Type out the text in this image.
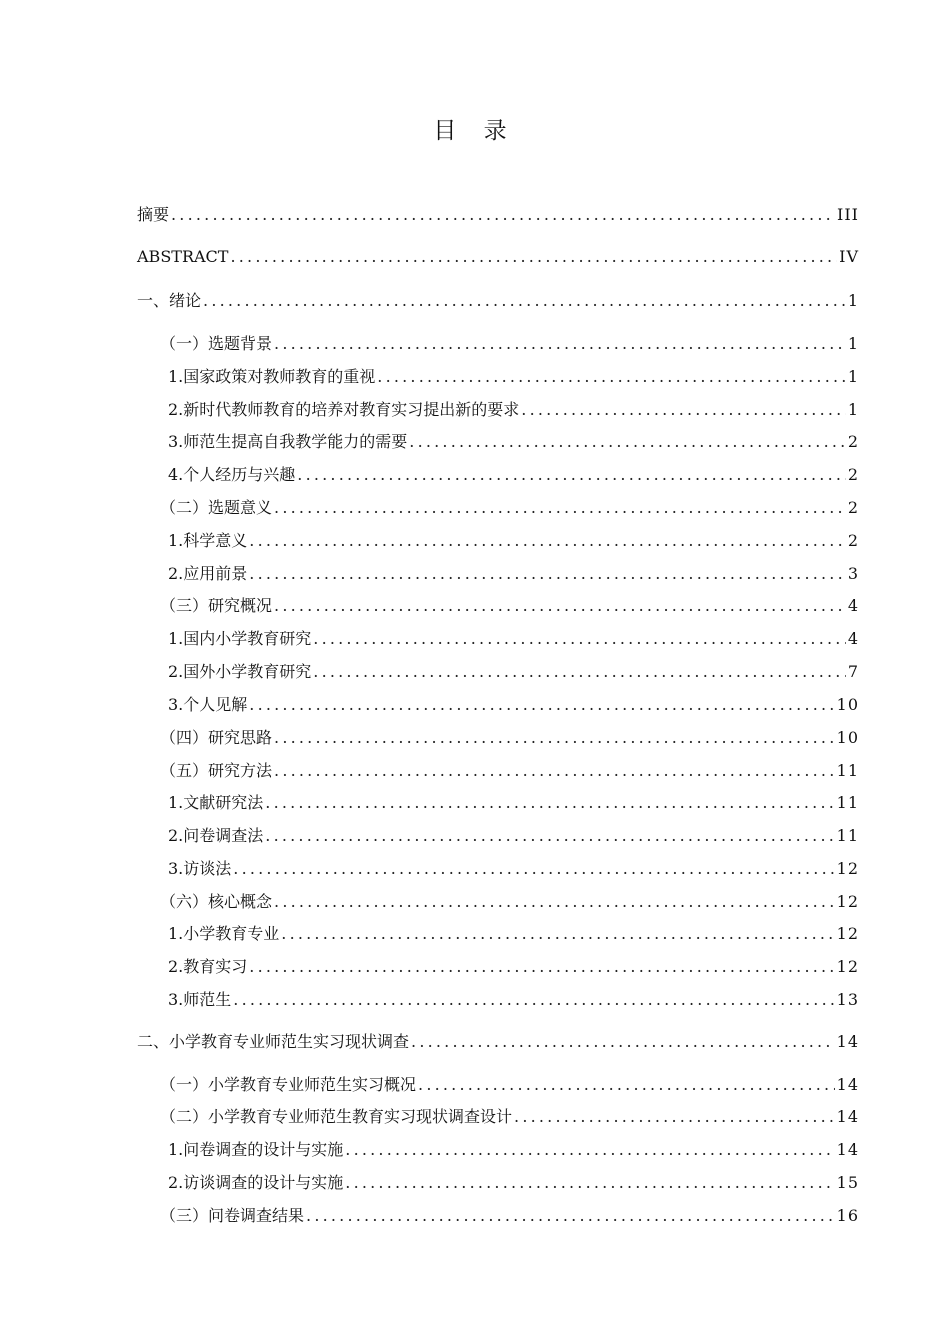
目 录
摘要 .....	III
ABSTRACT .....	IV
一、 绪论 .....	1
（一） 选题背景 .....	1
1. 国家政策对教师教育的重视 .....	1
2. 新时代教师教育的培养对教育实习提出新的要求 .....	1
3. 师范生提高自我教学能力的需要 .....	2
4. 个人经历与兴趣 .....	2
（二） 选题意义 .....	2
1. 科学意义 .....	2
2. 应用前景 .....	3
（三） 研究概况 .....	4
1. 国内小学教育研究 .....	4
2. 国外小学教育研究 .....	7
3. 个人见解 .....	10
（四） 研究思路 .....	10
（五） 研究方法 .....	11
1. 文献研究法 .....	11
2. 问卷调查法 .....	11
3. 访谈法 .....	12
（六） 核心概念 .....	12
1. 小学教育专业 .....	12
2. 教育实习 .....	12
3. 师范生 .....	13
二、 小学教育专业师范生实习现状调查 .....	14
（一） 小学教育专业师范生实习概况 .....	14
（二） 小学教育专业师范生教育实习现状调查设计 .....	14
1. 问卷调查的设计与实施 .....	14
2. 访谈调查的设计与实施 .....	15
（三） 问卷调查结果 .....	16
